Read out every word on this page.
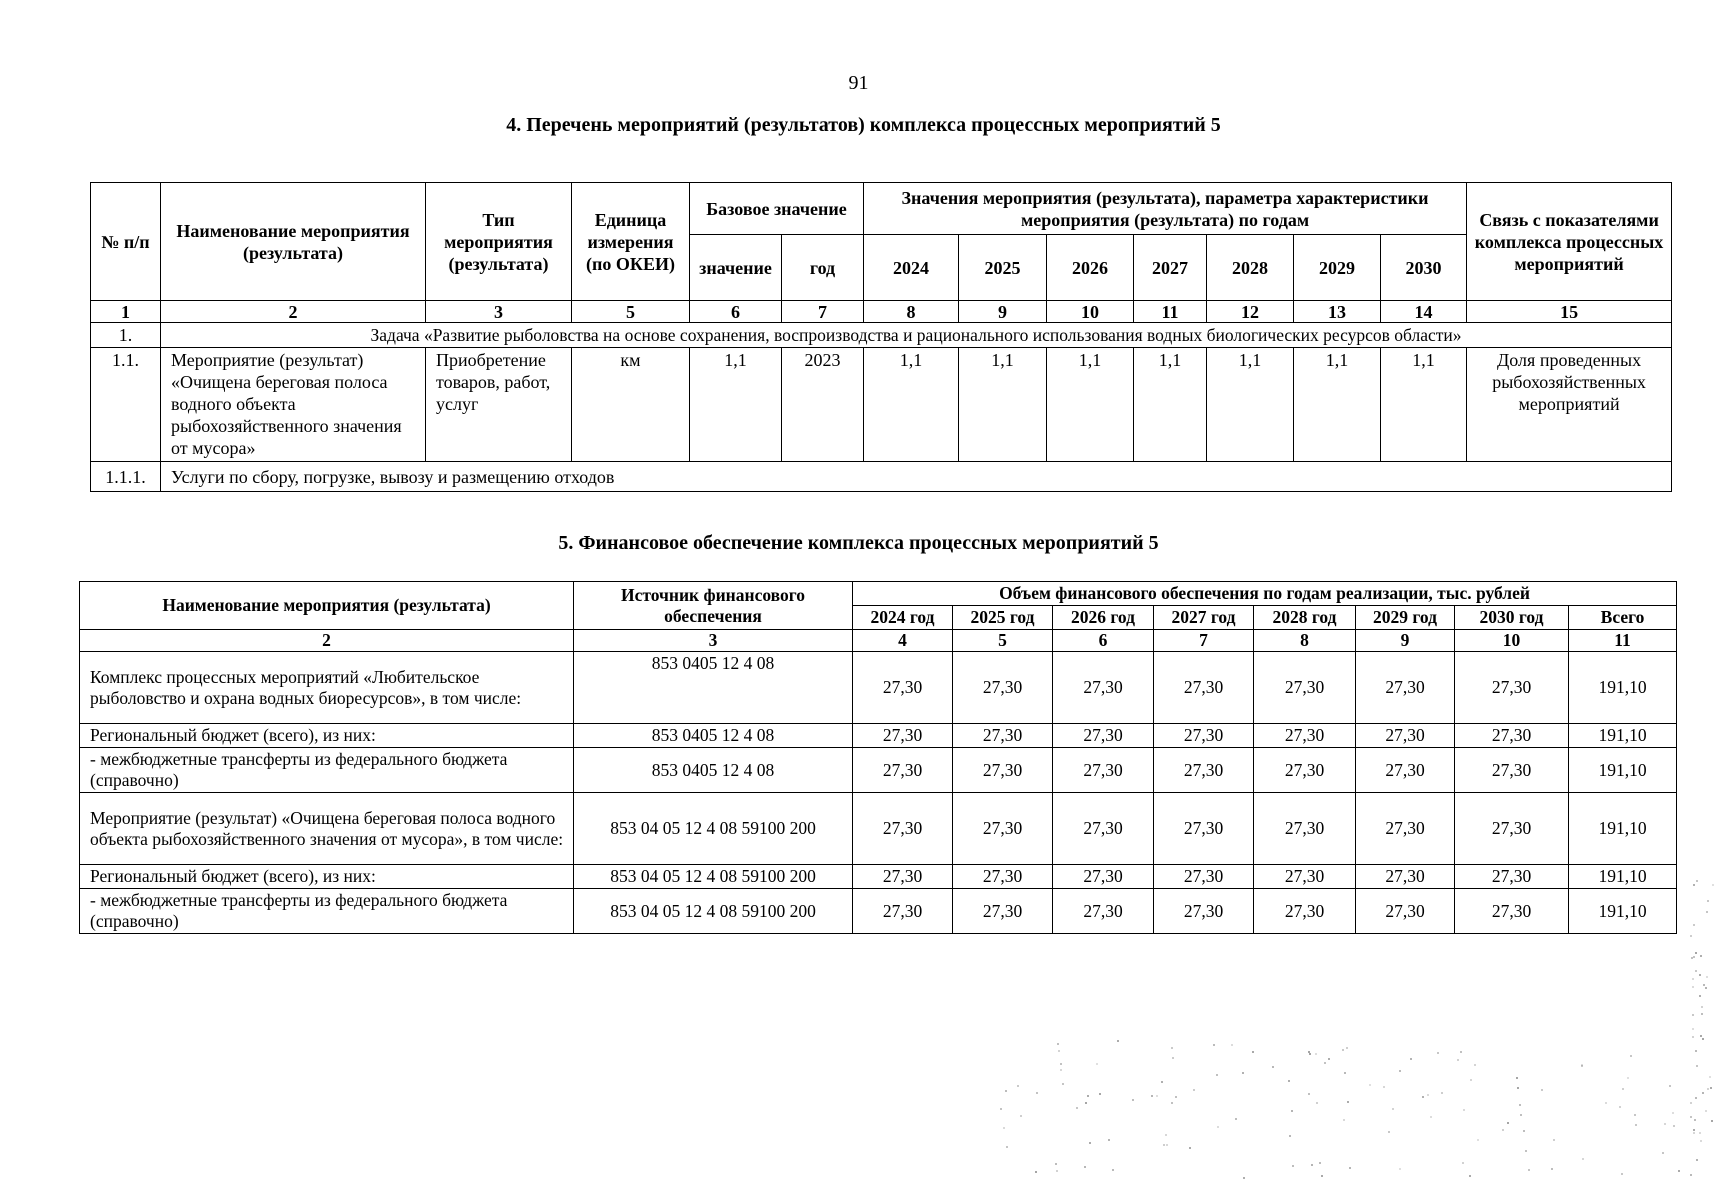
91
4. Перечень мероприятий (результатов) комплекса процессных мероприятий 5
№ п/п	Наименование мероприятия (результата)	Тип мероприятия (результата)	Единица измерения (по ОКЕИ)	Базовое значение		Значения мероприятия (результата), параметра характеристики мероприятия (результата) по годам							Связь с показателями комплекса процессных мероприятий
				значение	год	2024	2025	2026	2027	2028	2029	2030	
1	2	3	5	6	7	8	9	10	11	12	13	14	15
1.	Задача «Развитие рыболовства на основе сохранения, воспроизводства и рационального использования водных биологических ресурсов области»												
1.1.	Мероприятие (результат) «Очищена береговая полоса водного объекта рыбохозяйственного значения от мусора»	Приобретение товаров, работ, услуг	км	1,1	2023	1,1	1,1	1,1	1,1	1,1	1,1	1,1	Доля проведенных рыбохозяйственных мероприятий
1.1.1.	Услуги по сбору, погрузке, вывозу и размещению отходов												
5. Финансовое обеспечение комплекса процессных мероприятий 5
Наименование мероприятия (результата)	Источник финансового обеспечения	Объем финансового обеспечения по годам реализации, тыс. рублей							
		2024 год	2025 год	2026 год	2027 год	2028 год	2029 год	2030 год	Всего
2	3	4	5	6	7	8	9	10	11
Комплекс процессных мероприятий «Любительское рыболовство и охрана водных биоресурсов», в том числе:	853 0405 12 4 08	27,30	27,30	27,30	27,30	27,30	27,30	27,30	191,10
Региональный бюджет (всего), из них:	853 0405 12 4 08	27,30	27,30	27,30	27,30	27,30	27,30	27,30	191,10
- межбюджетные трансферты из федерального бюджета (справочно)	853 0405 12 4 08	27,30	27,30	27,30	27,30	27,30	27,30	27,30	191,10
Мероприятие (результат) «Очищена береговая полоса водного объекта рыбохозяйственного значения от мусора», в том числе:	853 04 05 12 4 08 59100 200	27,30	27,30	27,30	27,30	27,30	27,30	27,30	191,10
Региональный бюджет (всего), из них:	853 04 05 12 4 08 59100 200	27,30	27,30	27,30	27,30	27,30	27,30	27,30	191,10
- межбюджетные трансферты из федерального бюджета (справочно)	853 04 05 12 4 08 59100 200	27,30	27,30	27,30	27,30	27,30	27,30	27,30	191,10
